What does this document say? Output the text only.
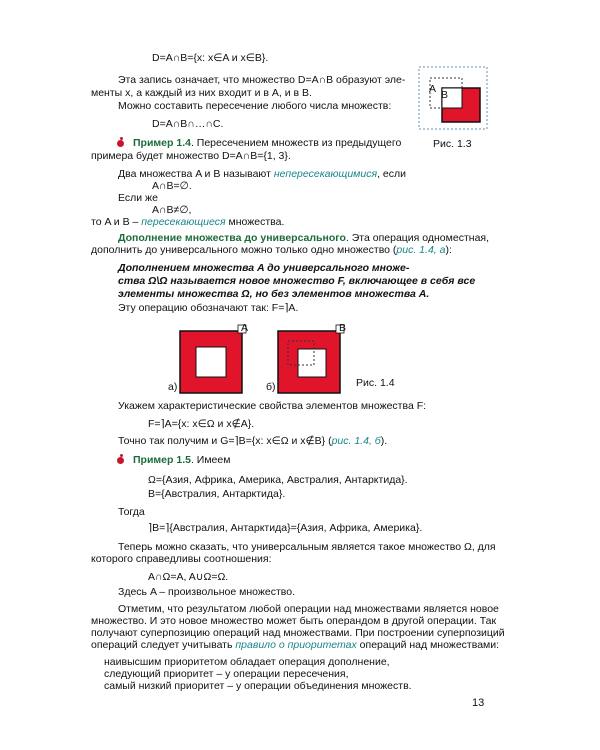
D=A∩B={x: x∈A и x∈B}.
Эта запись означает, что множество D=A∩B образуют эле-
менты x, а каждый из них входит и в A, и в B.
Можно составить пересечение любого числа множеств:
D=A∩B∩…∩C.
Пример 1.4. Пересечением множеств из предыдущего
примера будет множество D=A∩B={1, 3}.
A B
Рис. 1.3
Два множества A и B называют непересекающимися, если
A∩B=∅.
Если же
A∩B≠∅,
то A и B – пересекающиеся множества.
Дополнение множества до универсального. Эта операция одноместная,
дополнить до универсального можно только одно множество (рис. 1.4, а):

Дополнением множества A до универсального множе-

ства Ω\Ω называется новое множество F, включающее в себя все

элементы множества Ω, но без элементов множества A.

Эту операцию обозначают так: F=⌉A.
A	B
а)	б)	Рис. 1.4
Укажем характеристические свойства элементов множества F:
F=⌉A={x: x∈Ω и x∉A}.
Точно так получим и G=⌉B={x: x∈Ω и x∉B} (рис. 1.4, б).
Пример 1.5. Имеем
Ω={Азия, Африка, Америка, Австралия, Антарктида}.
B={Австралия, Антарктида}.
Тогда
⌉B=⌉{Австралия, Антарктида}={Азия, Африка, Америка}.
Теперь можно сказать, что универсальным является такое множество Ω, для
которого справедливы соотношения:
A∩Ω=A, A∪Ω=Ω.
Здесь A – произвольное множество.
Отметим, что результатом любой операции над множествами является новое
множество. И это новое множество может быть операндом в другой операции. Так
получают суперпозицию операций над множествами. При построении суперпозиций
операций следует учитывать правило о приоритетах операций над множествами:
наивысшим приоритетом обладает операция дополнение,
следующий приоритет – у операции пересечения,
самый низкий приоритет – у операции объединения множеств.
13
